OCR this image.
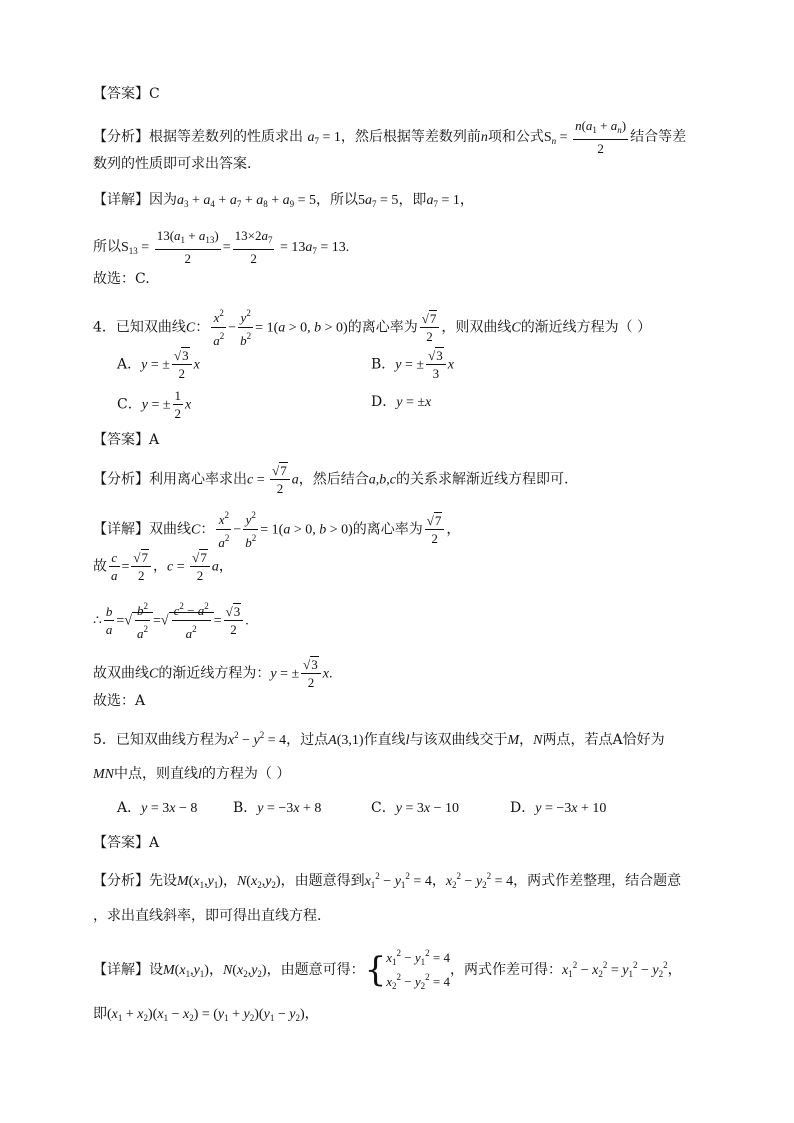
【答案】C
【分析】根据等差数列的性质求出 $a_7 = 1$，然后根据等差数列前n项和公式$S_n = \frac{n(a_1 + a_n)}{2}$ 结合等差
数列的性质即可求出答案.
【详解】因为$a_3 + a_4 + a_7 + a_8 + a_9 = 5$，所以$5a_7 = 5$，即$a_7 = 1$，
所以$S_{13} = \frac{13(a_1 + a_{13})}{2} = \frac{13\times 2a_7}{2} = 13a_7 = 13$.
故选：C.
4．已知双曲线C： $\frac{x^2}{a^2} - \frac{y^2}{b^2} = 1(a > 0$, b > 0)的离心率为 $\frac{√7}{2}$ ，则双曲线C的渐近线方程为（ ）
A．y = ± $\frac{√3}{2}$ x	B．y = ± $\frac{√3}{3}$ x
C．y = ± $\frac{1}{2}$ x	D．y = ±x
【答案】A
【分析】利用离心率求出$c = \frac{√7}{2}$ a，然后结合a,b,c的关系求解渐近线方程即可.
【详解】双曲线C： $\frac{x^2}{a^2} - \frac{y^2}{b^2} = 1(a > 0$, b > 0)的离心率为 $\frac{√7}{2}$ ，
故 $\frac{c}{a} = \frac{√7}{2}$ ，$c = \frac{√7}{2}$ a，
∴ $\frac{b}{a}$ =√ $\frac{b^2}{a^2}$ =√ $\frac{c^2 - a^2}{a^2} = \frac{√3}{2}$ .
故双曲线C的渐近线方程为：y = ± $\frac{√3}{2} x$.
故选：A
5．已知双曲线方程为$x^2 - y^2 = 4$，过点A(3,1)作直线l与该双曲线交于M，N两点，若点A恰好为
MN中点，则直线l的方程为（ ）
A．y = 3x − 8	B．y = −3x + 8	C．y = 3x − 10	D．y = −3x + 10
【答案】A
【分析】先设$M(x_1,y_1)$，$N(x_2,y_2)$，由题意得到$x_1^2 - y_1^2 = 4$，$x_2^2 - y_2^2 = 4$，两式作差整理，结合题意
，求出直线斜率，即可得出直线方程.
【详解】设$M(x_1,y_1)$，$N(x_2,y_2)$，由题意可得：{ $x_1^2 - y_1^2 = 4$
$x_2^2 - y_2^2 = 4$
，两式作差可得：$x_1^2 - x_2^2 = y_1^2 - y_2^2$，
即$(x_1 + x_2)(x_1 - x_2) = (y_1 + y_2)(y_1 - y_2)$，
